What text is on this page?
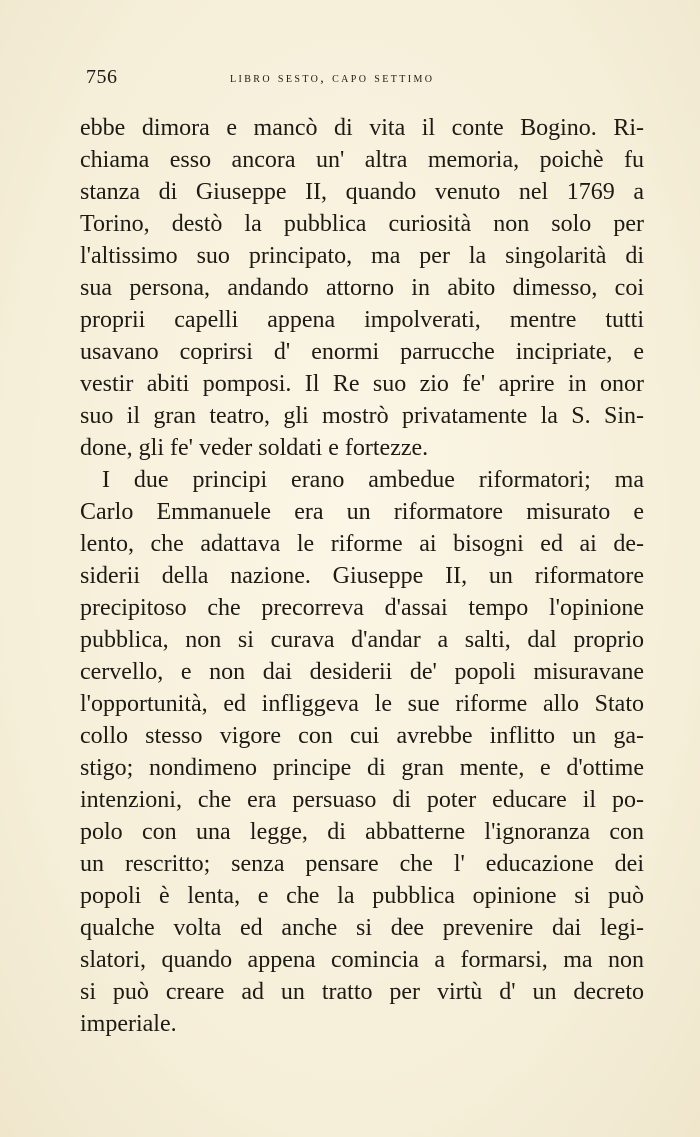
756	libro sesto, capo settimo
ebbe dimora e mancò di vita il conte Bogino. Ri-
chiama esso ancora un' altra memoria, poichè fu
stanza di Giuseppe II, quando venuto nel 1769 a
Torino, destò la pubblica curiosità non solo per
l'altissimo suo principato, ma per la singolarità di
sua persona, andando attorno in abito dimesso, coi
proprii capelli appena impolverati, mentre tutti
usavano coprirsi d' enormi parrucche incipriate, e
vestir abiti pomposi. Il Re suo zio fe' aprire in onor
suo il gran teatro, gli mostrò privatamente la S. Sin-
done, gli fe' veder soldati e fortezze.
I due principi erano ambedue riformatori; ma
Carlo Emmanuele era un riformatore misurato e
lento, che adattava le riforme ai bisogni ed ai de-
siderii della nazione. Giuseppe II, un riformatore
precipitoso che precorreva d'assai tempo l'opinione
pubblica, non si curava d'andar a salti, dal proprio
cervello, e non dai desiderii de' popoli misuravane
l'opportunità, ed infliggeva le sue riforme allo Stato
collo stesso vigore con cui avrebbe inflitto un ga-
stigo; nondimeno principe di gran mente, e d'ottime
intenzioni, che era persuaso di poter educare il po-
polo con una legge, di abbatterne l'ignoranza con
un rescritto; senza pensare che l' educazione dei
popoli è lenta, e che la pubblica opinione si può
qualche volta ed anche si dee prevenire dai legi-
slatori, quando appena comincia a formarsi, ma non
si può creare ad un tratto per virtù d' un decreto
imperiale.
